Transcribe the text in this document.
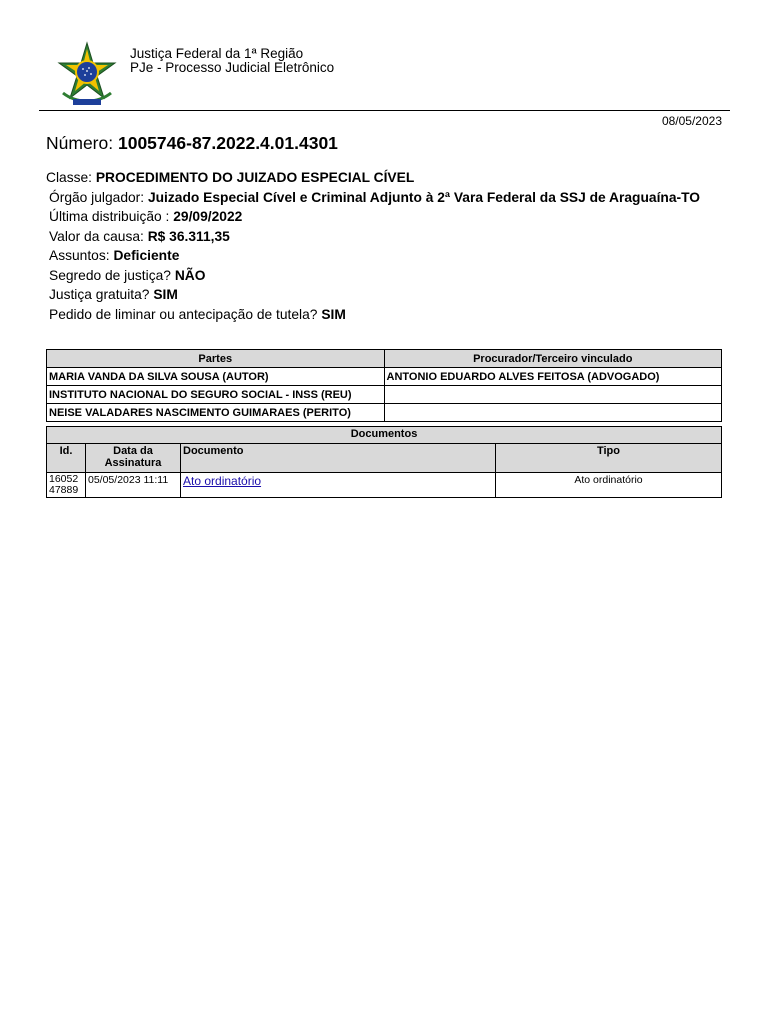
Justiça Federal da 1ª Região
PJe - Processo Judicial Eletrônico
08/05/2023
Número: 1005746-87.2022.4.01.4301
Classe: PROCEDIMENTO DO JUIZADO ESPECIAL CÍVEL
Órgão julgador: Juizado Especial Cível e Criminal Adjunto à 2ª Vara Federal da SSJ de Araguaína-TO
Última distribuição : 29/09/2022
Valor da causa: R$ 36.311,35
Assuntos: Deficiente
Segredo de justiça? NÃO
Justiça gratuita? SIM
Pedido de liminar ou antecipação de tutela? SIM
Partes	Procurador/Terceiro vinculado
MARIA VANDA DA SILVA SOUSA (AUTOR)	ANTONIO EDUARDO ALVES FEITOSA (ADVOGADO)
INSTITUTO NACIONAL DO SEGURO SOCIAL - INSS (REU)	
NEISE VALADARES NASCIMENTO GUIMARAES (PERITO)	
Documentos			
Id.	Data da Assinatura	Documento	Tipo
1605247889	05/05/2023 11:11	Ato ordinatório	Ato ordinatório
